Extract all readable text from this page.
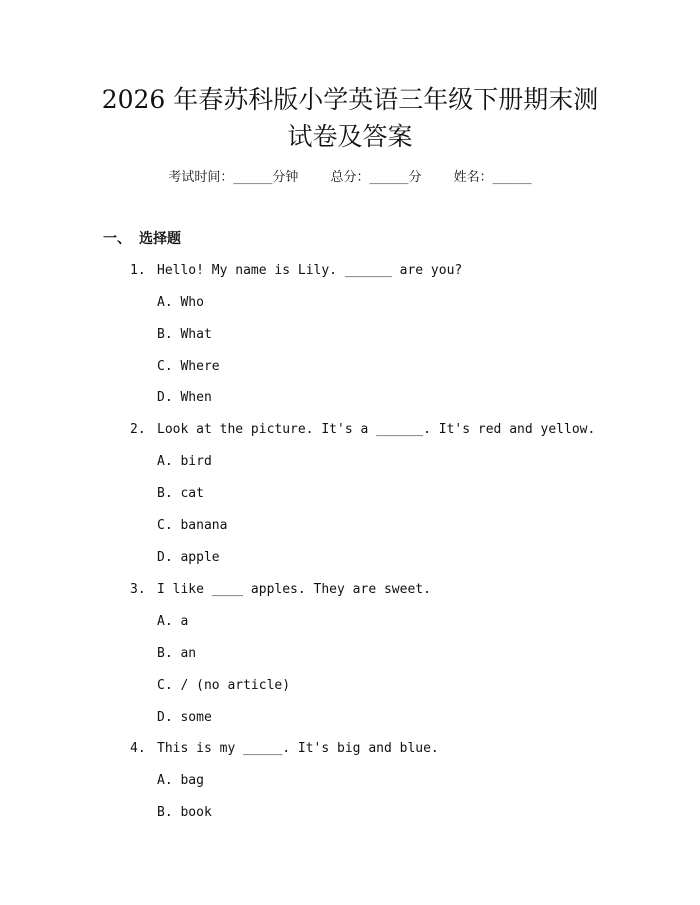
2026 年春苏科版小学英语三年级下册期末测
试卷及答案
考试时间：______分钟 总分：______分 姓名：______
一、 选择题
1. Hello! My name is Lily. ______ are you?
A. Who
B. What
C. Where
D. When
2. Look at the picture. It's a ______. It's red and yellow.
A. bird
B. cat
C. banana
D. apple
3. I like ____ apples. They are sweet.
A. a
B. an
C. / (no article)
D. some
4. This is my _____. It's big and blue.
A. bag
B. book
